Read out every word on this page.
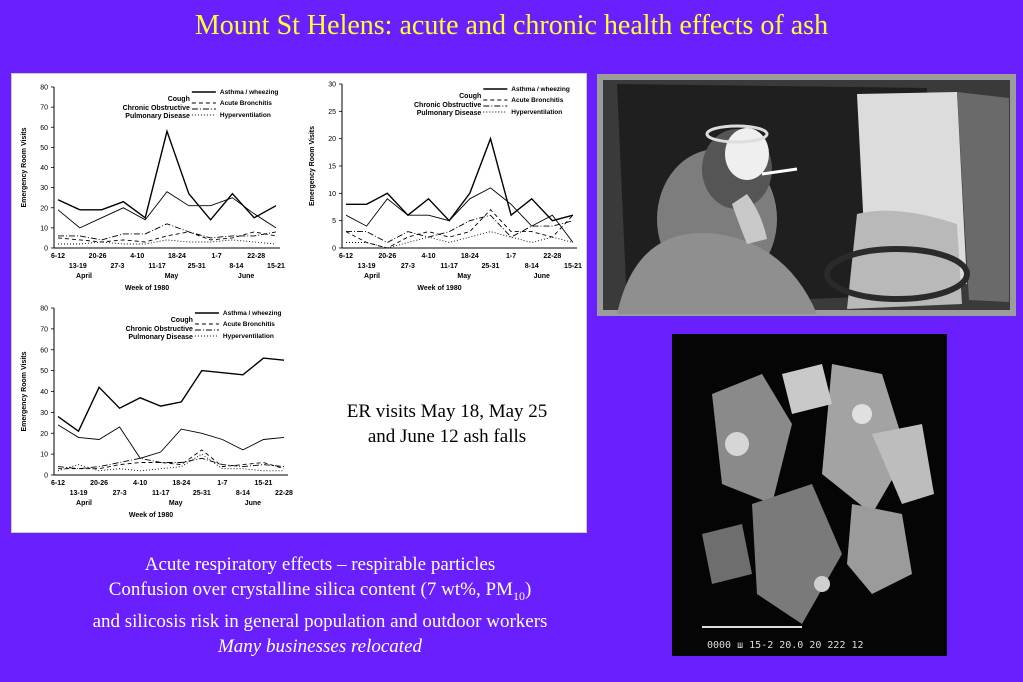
Mount St Helens: acute and chronic health effects of ash
0
10
20
30
40
50
60
70
80
Emergency Room Visits
6-12	20-26	4-10	18-24	1-7	22-28
13-19	27-3	11-17	25-31	8-14	15-21
April	May	June
Week of 1980
Cough
Chronic Obstructive
Pulmonary Disease
Asthma / wheezing
Acute Bronchitis
Hyperventilation
0
5
10
15
20
25
30
Emergency Room Visits
6-12	20-26	4-10	18-24	1-7	22-28
13-19	27-3	11-17	25-31	8-14	15-21
April	May	June
Week of 1980
Cough
Chronic Obstructive
Pulmonary Disease
Asthma / wheezing
Acute Bronchitis
Hyperventilation
0
10
20
30
40
50
60
70
80
Emergency Room Visits
6-12	20-26	4-10	18-24	1-7	15-21
13-19	27-3	11-17	25-31	8-14	22-28
April	May	June
Week of 1980
Cough
Chronic Obstructive
Pulmonary Disease
Asthma / wheezing
Acute Bronchitis
Hyperventilation
ER visits May 18, May 25
and June 12 ash falls
0000 ш 15-2 20.0 20 222 12
Acute respiratory effects – respirable particles
Confusion over crystalline silica content (7 wt%, $PM_{10}$)
and silicosis risk in general population and outdoor workers
Many businesses relocated
